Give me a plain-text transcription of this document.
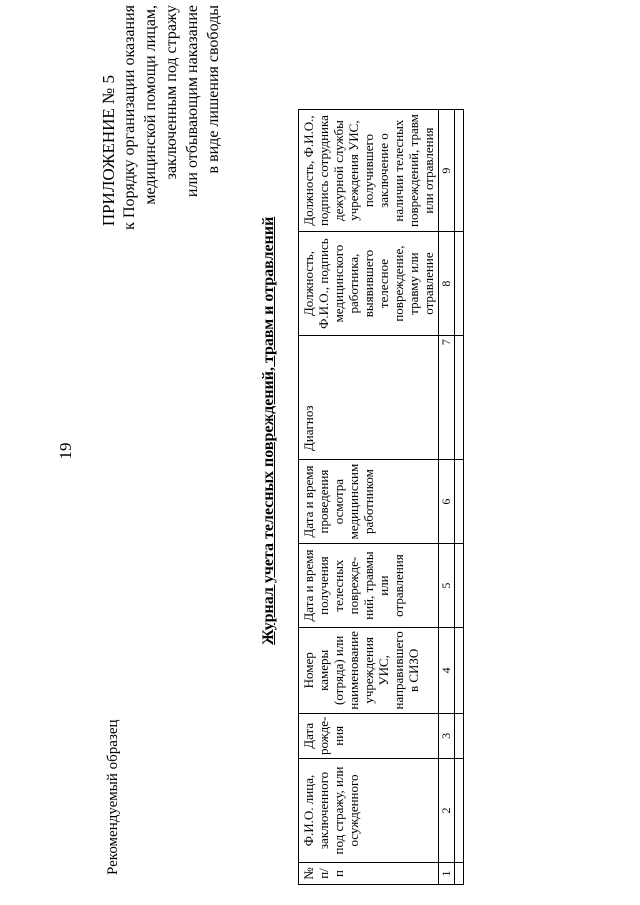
19
Рекомендуемый образец
ПРИЛОЖЕНИЕ № 5 к Порядку организации оказания медицинской помощи лицам, заключенным под стражу или отбывающим наказание в виде лишения свободы
Журнал учета телесных повреждений, травм и отравлений
№ п/п	Ф.И.О. лица, заключенного под стражу, или осужденного	Дата рожде-ния	Номер камеры (отряда) или наименование учреждения УИС, направившего в СИЗО	Дата и время получения телесных поврежде-ний, травмы или отравления	Дата и время проведения осмотра медицинским работником	Диагноз	Должность, Ф.И.О., подпись медицинского работника, выявившего телесное повреждение, травму или отравление	Должность, Ф.И.О., подпись сотрудника дежурной службы учреждения УИС, получившего заключение о наличии телесных повреждений, травм или отравления
1	2	3	4	5	6	7	8	9
